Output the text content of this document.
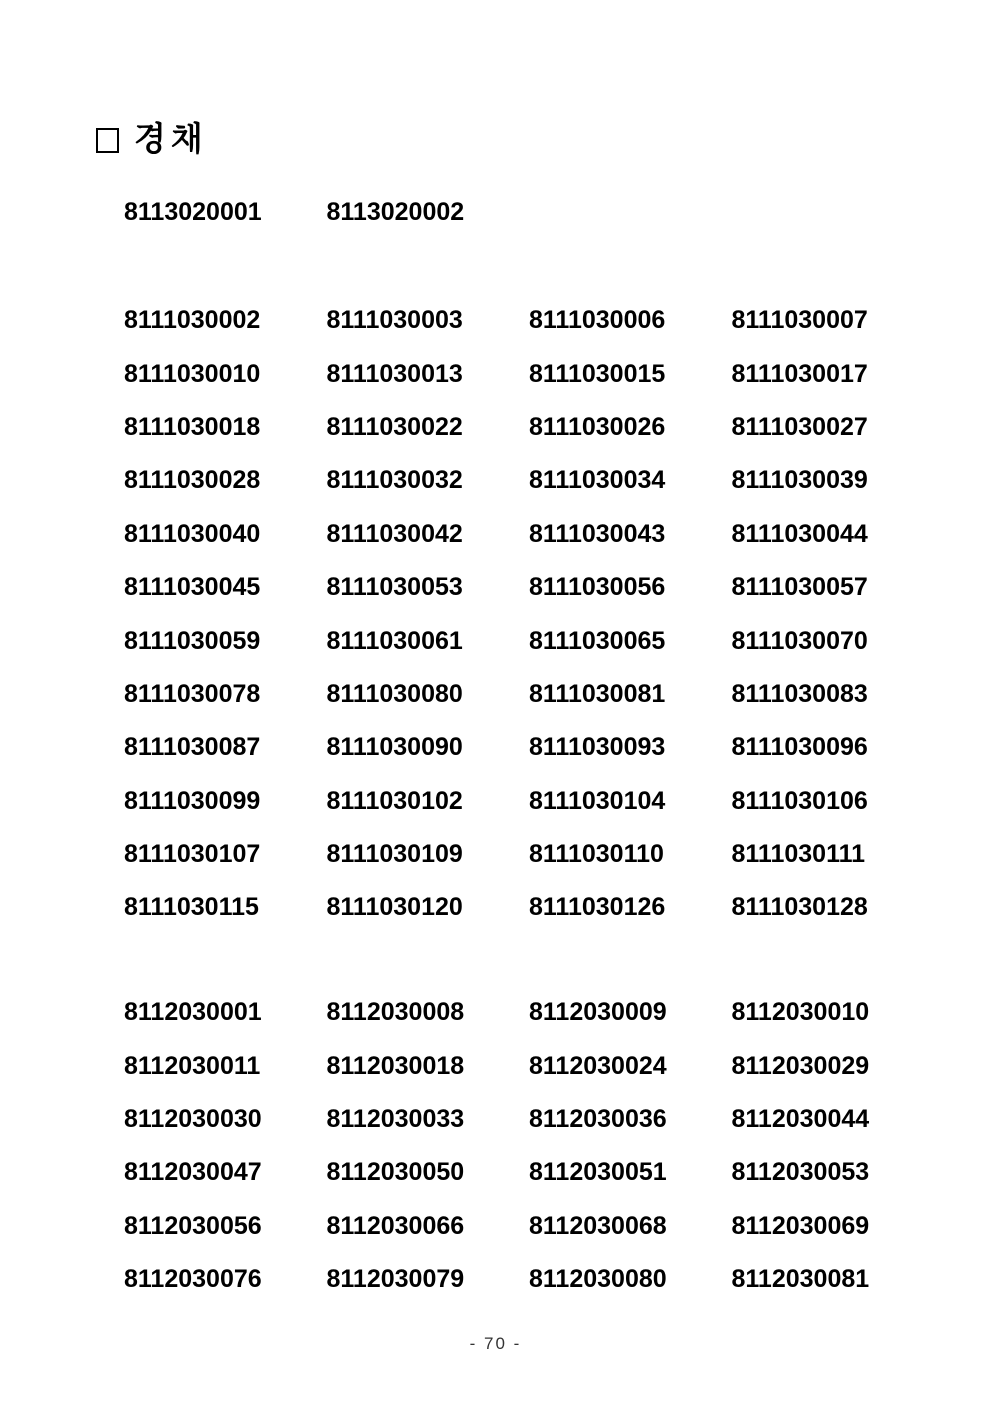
경채
8113020001	8113020002
8111030002	8111030003	8111030006	8111030007
8111030010	8111030013	8111030015	8111030017
8111030018	8111030022	8111030026	8111030027
8111030028	8111030032	8111030034	8111030039
8111030040	8111030042	8111030043	8111030044
8111030045	8111030053	8111030056	8111030057
8111030059	8111030061	8111030065	8111030070
8111030078	8111030080	8111030081	8111030083
8111030087	8111030090	8111030093	8111030096
8111030099	8111030102	8111030104	8111030106
8111030107	8111030109	8111030110	8111030111
8111030115	8111030120	8111030126	8111030128
8112030001	8112030008	8112030009	8112030010
8112030011	8112030018	8112030024	8112030029
8112030030	8112030033	8112030036	8112030044
8112030047	8112030050	8112030051	8112030053
8112030056	8112030066	8112030068	8112030069
8112030076	8112030079	8112030080	8112030081
- 70 -
